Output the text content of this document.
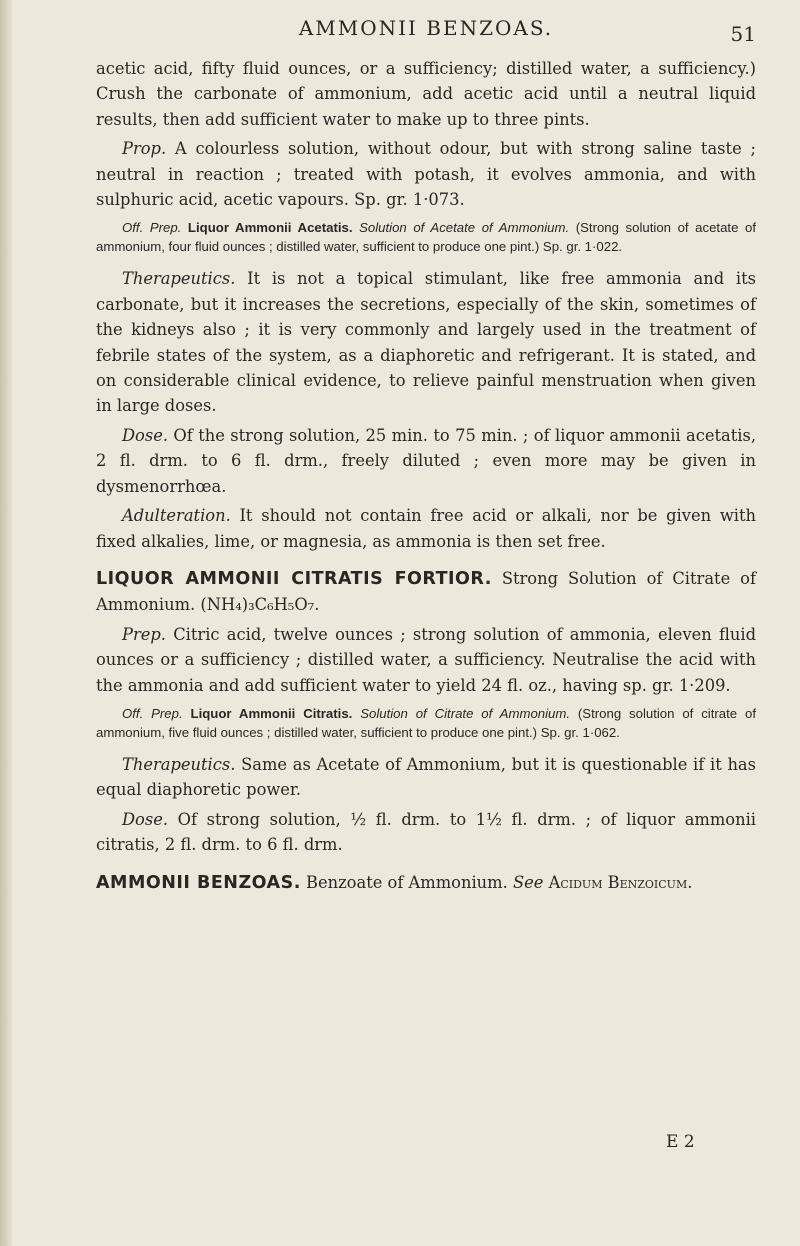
AMMONII BENZOAS.	51

acetic acid, fifty fluid ounces, or a sufficiency; distilled water, a sufficiency.) Crush the carbonate of ammonium, add acetic acid until a neutral liquid results, then add sufficient water to make up to three pints.

Prop. A colourless solution, without odour, but with strong saline taste ; neutral in reaction ; treated with potash, it evolves ammonia, and with sulphuric acid, acetic vapours. Sp. gr. 1·073.

Off. Prep. Liquor Ammonii Acetatis. Solution of Acetate of Ammonium. (Strong solution of acetate of ammonium, four fluid ounces ; distilled water, sufficient to produce one pint.) Sp. gr. 1·022.

Therapeutics. It is not a topical stimulant, like free ammonia and its carbonate, but it increases the secretions, especially of the skin, sometimes of the kidneys also ; it is very commonly and largely used in the treatment of febrile states of the system, as a diaphoretic and refrigerant. It is stated, and on considerable clinical evidence, to relieve painful menstruation when given in large doses.

Dose. Of the strong solution, 25 min. to 75 min. ; of liquor ammonii acetatis, 2 fl. drm. to 6 fl. drm., freely diluted ; even more may be given in dysmenorrhœa.

Adulteration. It should not contain free acid or alkali, nor be given with fixed alkalies, lime, or magnesia, as ammonia is then set free.

LIQUOR AMMONII CITRATIS FORTIOR. Strong Solution of Citrate of Ammonium. (NH₄)₃C₆H₅O₇.

Prep. Citric acid, twelve ounces ; strong solution of ammonia, eleven fluid ounces or a sufficiency ; distilled water, a sufficiency. Neutralise the acid with the ammonia and add sufficient water to yield 24 fl. oz., having sp. gr. 1·209.

Off. Prep. Liquor Ammonii Citratis. Solution of Citrate of Ammonium. (Strong solution of citrate of ammonium, five fluid ounces ; distilled water, sufficient to produce one pint.) Sp. gr. 1·062.

Therapeutics. Same as Acetate of Ammonium, but it is questionable if it has equal diaphoretic power.

Dose. Of strong solution, ½ fl. drm. to 1½ fl. drm. ; of liquor ammonii citratis, 2 fl. drm. to 6 fl. drm.

AMMONII BENZOAS. Benzoate of Ammonium. See Acidum Benzoicum.

E 2
